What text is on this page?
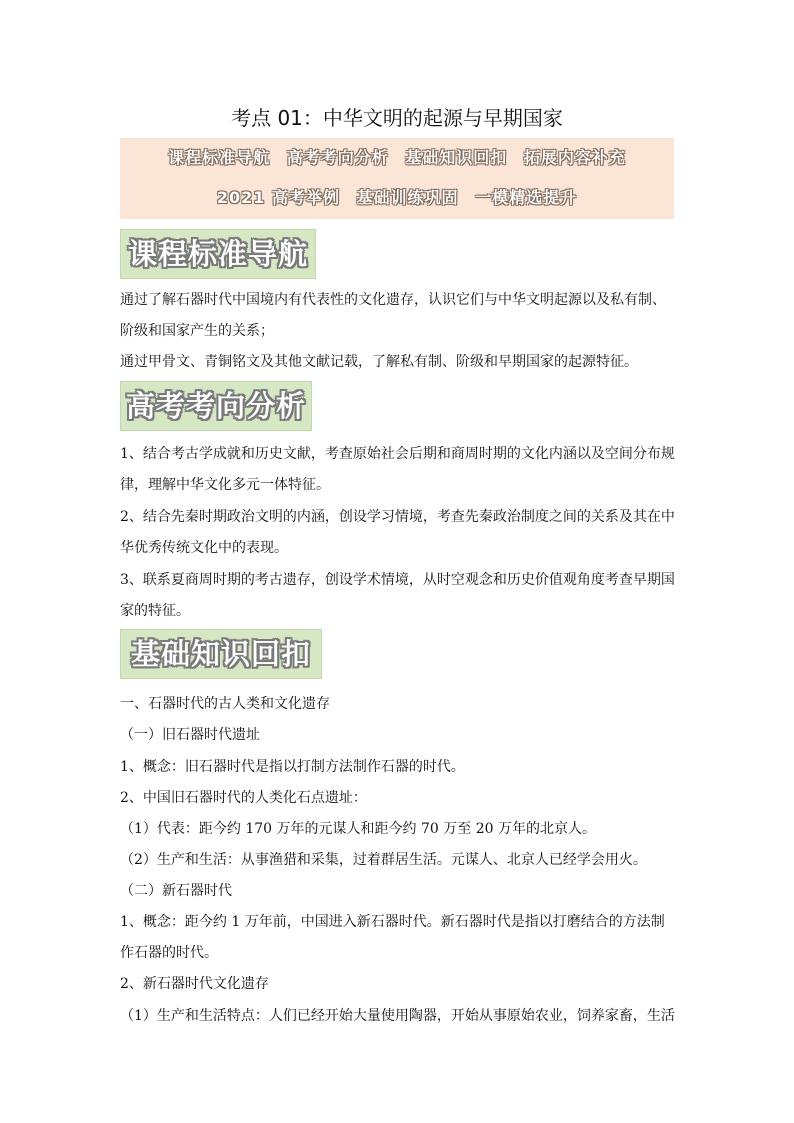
考点 01：中华文明的起源与早期国家
课程标准导航 高考考向分析 基础知识回扣 拓展内容补充
2021 高考举例 基础训练巩固 一模精选提升
课程标准导航

通过了解石器时代中国境内有代表性的文化遗存，认识它们与中华文明起源以及私有制、阶级和国家产生的关系；

通过甲骨文、青铜铭文及其他文献记载，了解私有制、阶级和早期国家的起源特征。

高考考向分析

1、结合考古学成就和历史文献，考查原始社会后期和商周时期的文化内涵以及空间分布规律，理解中华文化多元一体特征。

2、结合先秦时期政治文明的内涵，创设学习情境，考查先秦政治制度之间的关系及其在中华优秀传统文化中的表现。

3、联系夏商周时期的考古遗存，创设学术情境，从时空观念和历史价值观角度考查早期国家的特征。

基础知识回扣

一、石器时代的古人类和文化遗存

（一）旧石器时代遗址

1、概念：旧石器时代是指以打制方法制作石器的时代。

2、中国旧石器时代的人类化石点遗址：

（1）代表：距今约 170 万年的元谋人和距今约 70 万至 20 万年的北京人。

（2）生产和生活：从事渔猎和采集，过着群居生活。元谋人、北京人已经学会用火。

（二）新石器时代

1、概念：距今约 1 万年前，中国进入新石器时代。新石器时代是指以打磨结合的方法制作石器的时代。

2、新石器时代文化遗存

（1）生产和生活特点：人们已经开始大量使用陶器，开始从事原始农业，饲养家畜，生活
